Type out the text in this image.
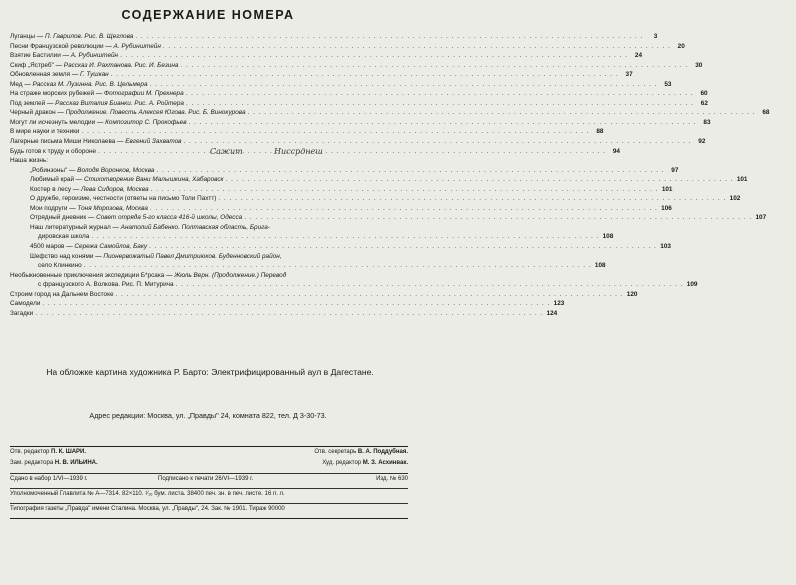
СОДЕРЖАНИЕ НОМЕРА
Луганцы — П. Гаврилов. Рис. В. Щеглова . . .	3
Песни Французской революции — А. Рубинштейн . . .	20
Взятие Бастилии — А. Рубинштейн . . .	24
Скиф „Ястреб" — Рассказ И. Рахтанова. Рис. И. Безина . . .	30
Обновленная земля — Г. Тушкан . . .	37
Мед — Рассказ М. Лузинна. Рис. В. Цельмера . . .	53
На страже морских рубежей — Фотографии М. Прехнера . . .	60
Под землей — Рассказ Виталия Бианки. Рис. А. Ройтера . . .	62
Черный дракон — Продолжение. Повесть Алексея Югова. Рис. Б. Винокурова . . .	68
Могут ли исчезнуть мелодии — Композитор С. Прокофьев . . .	83
В мире науки и техники . . .	88
Лагерные письма Миши Николаева — Евгений Захватов . . .	92
Будь готов к труду и обороне . . .	94
Наша жизнь:
„Робинзоны" — Володя Воронков, Москва . . .	97
Любимый край — Стихотворение Вани Малышкина, Хабаровск . . .	101
Костер в лесу — Лева Сидоров, Москва . . .	101
О дружбе, героизме, честности (ответы на письмо Толи Пахтт) . . .	102
Мои подруги — Тоня Морозова, Москва . . .	106
Отрядный дневник — Совет отряда 5-го класса 416-й школы, Одесса . . .	107
Наш литературный журнал — Анатолий Бабенко. Полтавская область, Брига-
дировская школа . . .	108
4500 маров — Сережа Самойлов, Баку . . .	103
Шефство над конями — Пионервожатый Павел Дмитриюков. Буденновский район,
село Клинкино . . .	108
Необыкновенные приключения экспедиции Б*рсака — Жюль Верн. (Продолжение.) Перевод
с французского А. Волкова. Рис. П. Митурича . . .	109
Строим город на Дальнем Востоке . . .	120
Самодели . . .	123
Загадки . . .	124
Ниссрднеш
Сажит
На обложке картина художника Р. Барто: Электрифицированный аул в Дагестане.
Адрес редакции: Москва, ул. „Правды" 24, комната 822, тел. Д 3-30-73.
Отв. редактор П. К. ШАРИ.	Отв. секретарь В. А. Поддубная.
Зам. редактора Н. В. ИЛЬИНА.	Худ. редактор М. З. Асхинвак.
Сдано в набор 1/VI—1939 г.	Подписано к печати 26/VI—1939 г.	Изд. № 630
Уполномоченный Главлита № А—7314. 82×110. ¹⁄₁₆ бум. листа. 38400 печ. зн. в печ. листе. 16 п. л.
Типография газеты „Правда" имени Сталина. Москва, ул. „Правды", 24. Зак. № 1901. Тираж 90000
